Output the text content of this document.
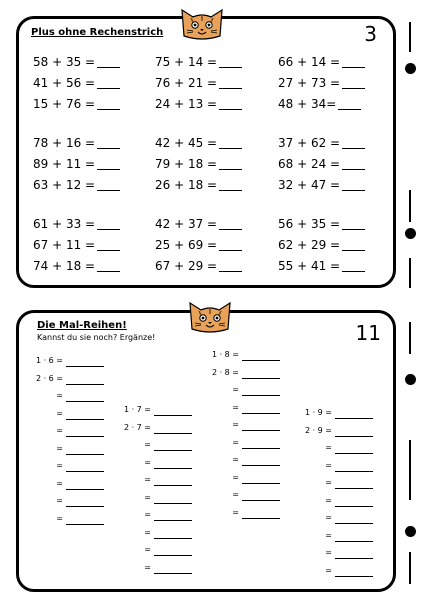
Plus ohne Rechenstrich	3
58 + 35 =
41 + 56 =
15 + 76 =
78 + 16 =
89 + 11 =
63 + 12 =
61 + 33 =
67 + 11 =
74 + 18 =
75 + 14 =
76 + 21 =
24 + 13 =
42 + 45 =
79 + 18 =
26 + 18 =
42 + 37 =
25 + 69 =
67 + 29 =
66 + 14 =
27 + 73 =
48 + 34=
37 + 62 =
68 + 24 =
32 + 47 =
56 + 35 =
62 + 29 =
55 + 41 =
Die Mal-Reihen!
Kannst du sie noch? Ergänze!	11
1 · 6 =
2 · 6 =
=
=
=
=
=
=
=
=
1 · 7 =
2 · 7 =
=
=
=
=
=
=
=
=
1 · 8 =
2 · 8 =
=
=
=
=
=
=
=
=
1 · 9 =
2 · 9 =
=
=
=
=
=
=
=
=
